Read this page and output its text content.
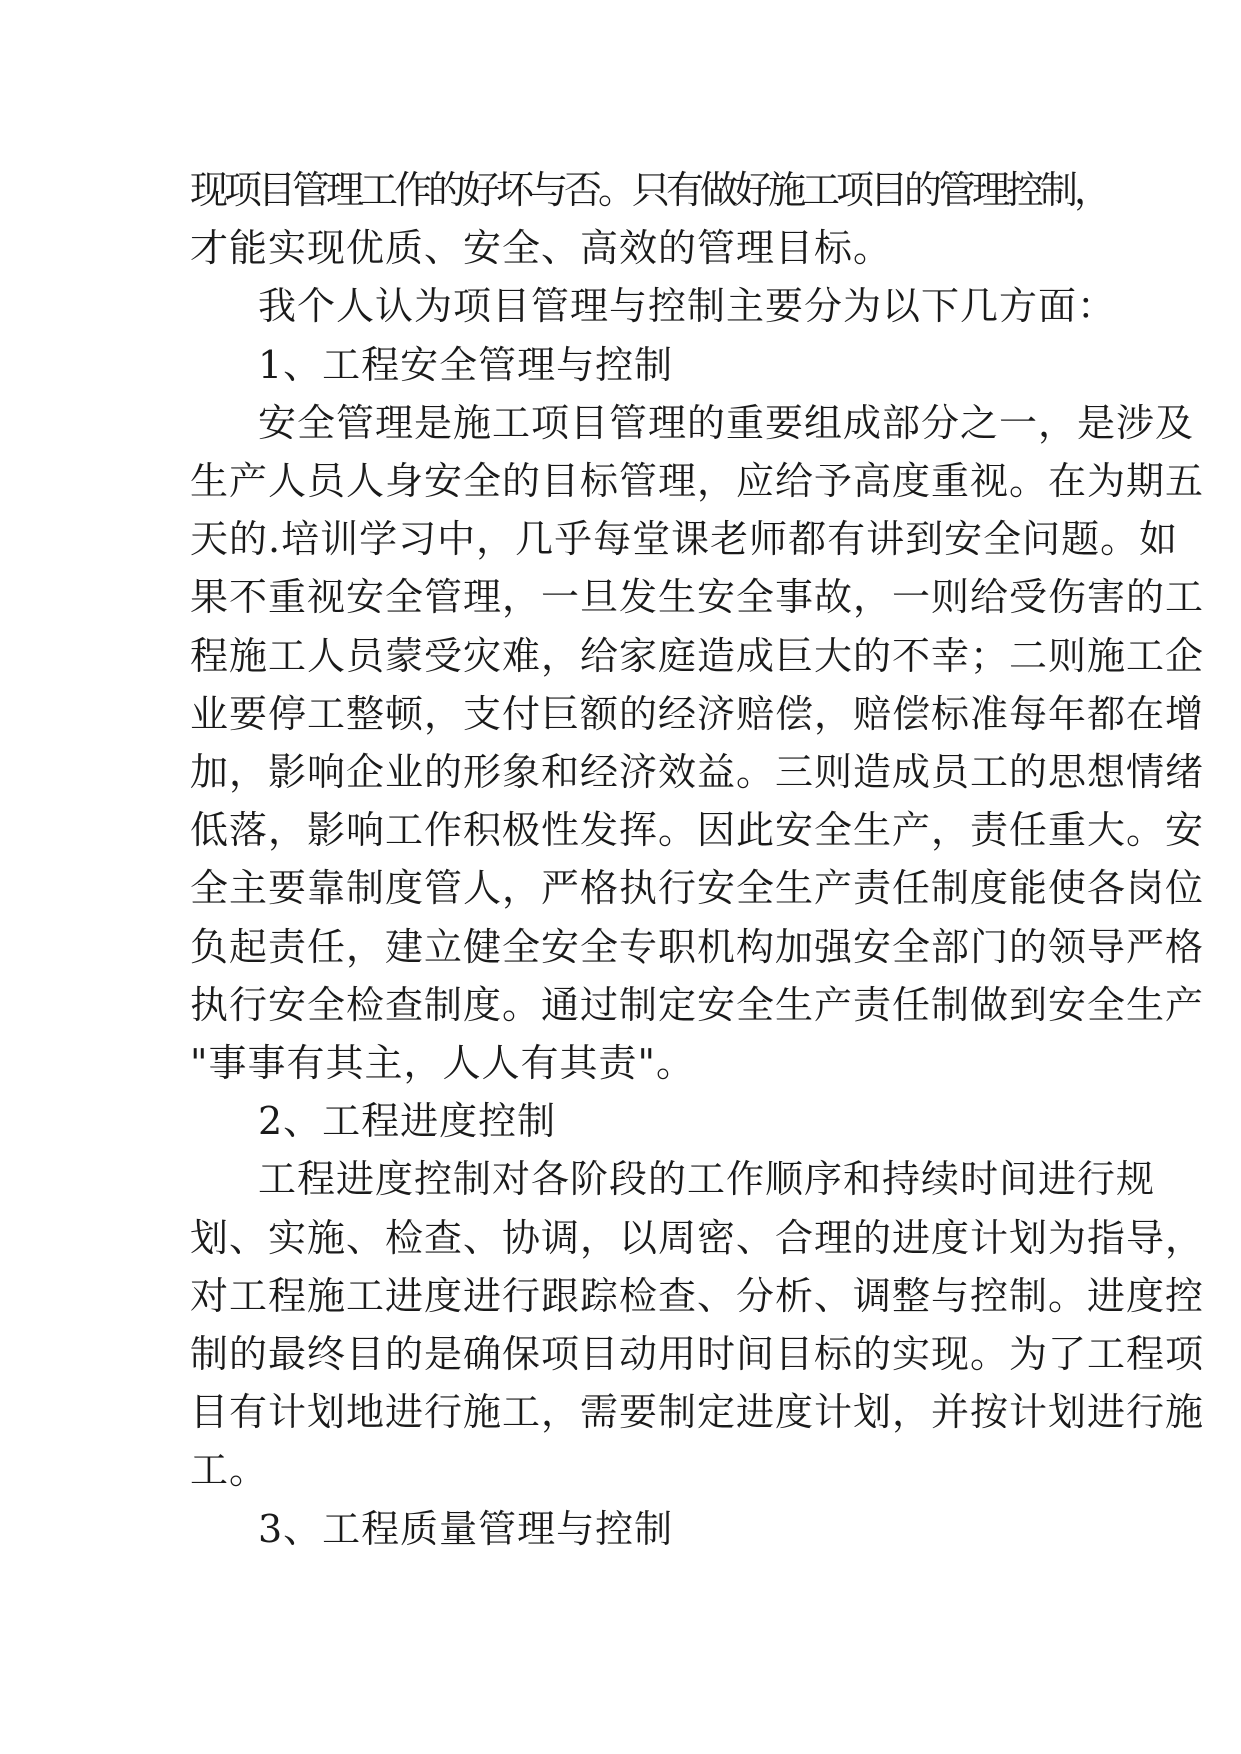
现项目管理工作的好坏与否。只有做好施工项目的管理控制，
才能实现优质、安全、高效的管理目标。
我个人认为项目管理与控制主要分为以下几方面：
1、工程安全管理与控制
安全管理是施工项目管理的重要组成部分之一，是涉及
生产人员人身安全的目标管理，应给予高度重视。在为期五
天的.培训学习中，几乎每堂课老师都有讲到安全问题。如
果不重视安全管理，一旦发生安全事故，一则给受伤害的工
程施工人员蒙受灾难，给家庭造成巨大的不幸；二则施工企
业要停工整顿，支付巨额的经济赔偿，赔偿标准每年都在增
加，影响企业的形象和经济效益。三则造成员工的思想情绪
低落，影响工作积极性发挥。因此安全生产，责任重大。安
全主要靠制度管人，严格执行安全生产责任制度能使各岗位
负起责任，建立健全安全专职机构加强安全部门的领导严格
执行安全检查制度。通过制定安全生产责任制做到安全生产
"事事有其主，人人有其责"。
2、工程进度控制
工程进度控制对各阶段的工作顺序和持续时间进行规
划、实施、检查、协调，以周密、合理的进度计划为指导，
对工程施工进度进行跟踪检查、分析、调整与控制。进度控
制的最终目的是确保项目动用时间目标的实现。为了工程项
目有计划地进行施工，需要制定进度计划，并按计划进行施
工。
3、工程质量管理与控制
